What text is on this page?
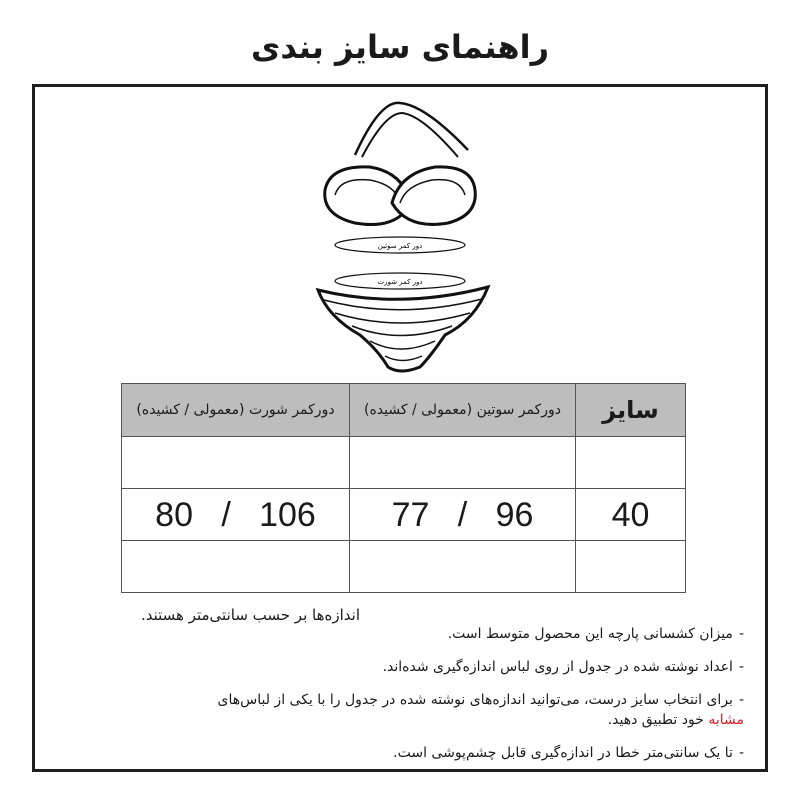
راهنمای سایز بندی
دور کمر سوتین
دور کمر شورت
سایز	دورکمر سوتین (معمولی / کشیده)	دورکمر شورت (معمولی / کشیده)

40	96   /   77	106   /   80

اندازه‌ها بر حسب سانتی‌متر هستند.
-میزان کشسانی پارچه این محصول متوسط است.
-اعداد نوشته شده در جدول از روی لباس اندازه‌گیری شده‌اند.
-برای انتخاب سایز درست، می‌توانید اندازه‌های نوشته شده در جدول را با یکی از لباس‌های
مشابه خود تطبیق دهید.
-تا یک سانتی‌متر خطا در اندازه‌گیری قابل چشم‌پوشی است.
